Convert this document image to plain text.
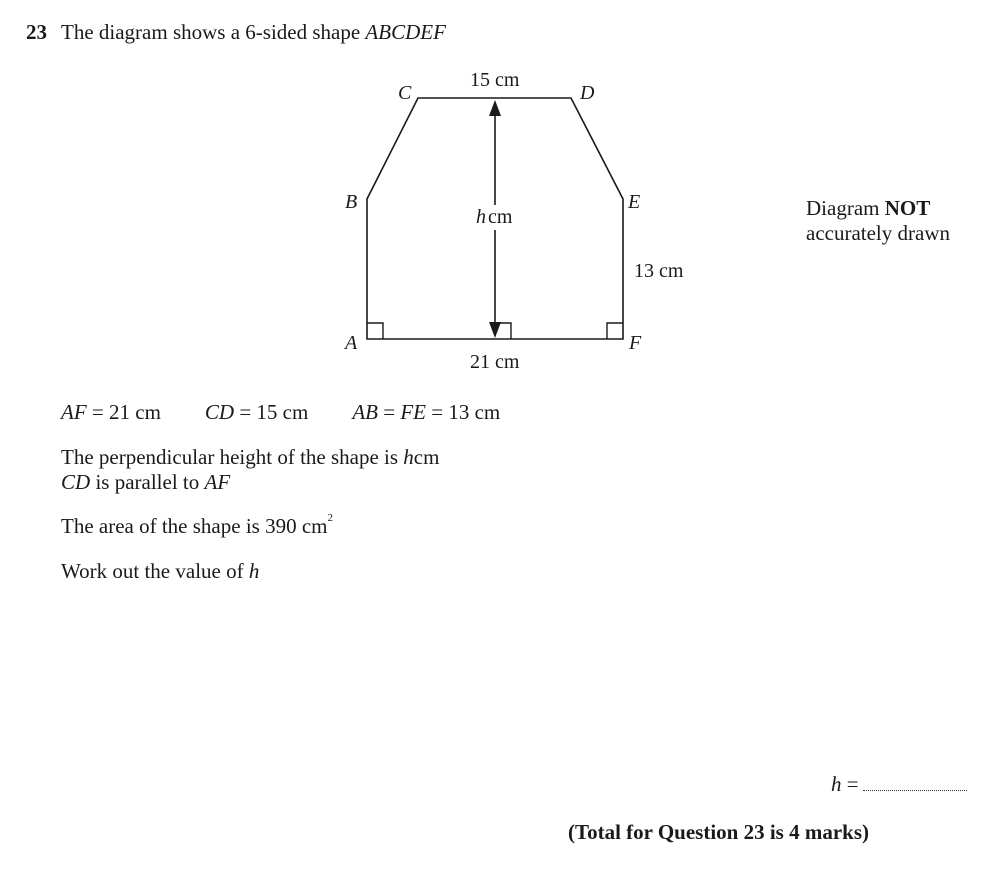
23 The diagram shows a 6-sided shape ABCDEF
C	D
B	E
A	F
15 cm
h cm
13 cm
21 cm
Diagram NOT
accurately drawn
AF = 21 cm CD = 15 cm AB = FE = 13 cm
The perpendicular height of the shape is hcm
CD is parallel to AF
The area of the shape is 390 $cm^2$
Work out the value of h
h =
(Total for Question 23 is 4 marks)
